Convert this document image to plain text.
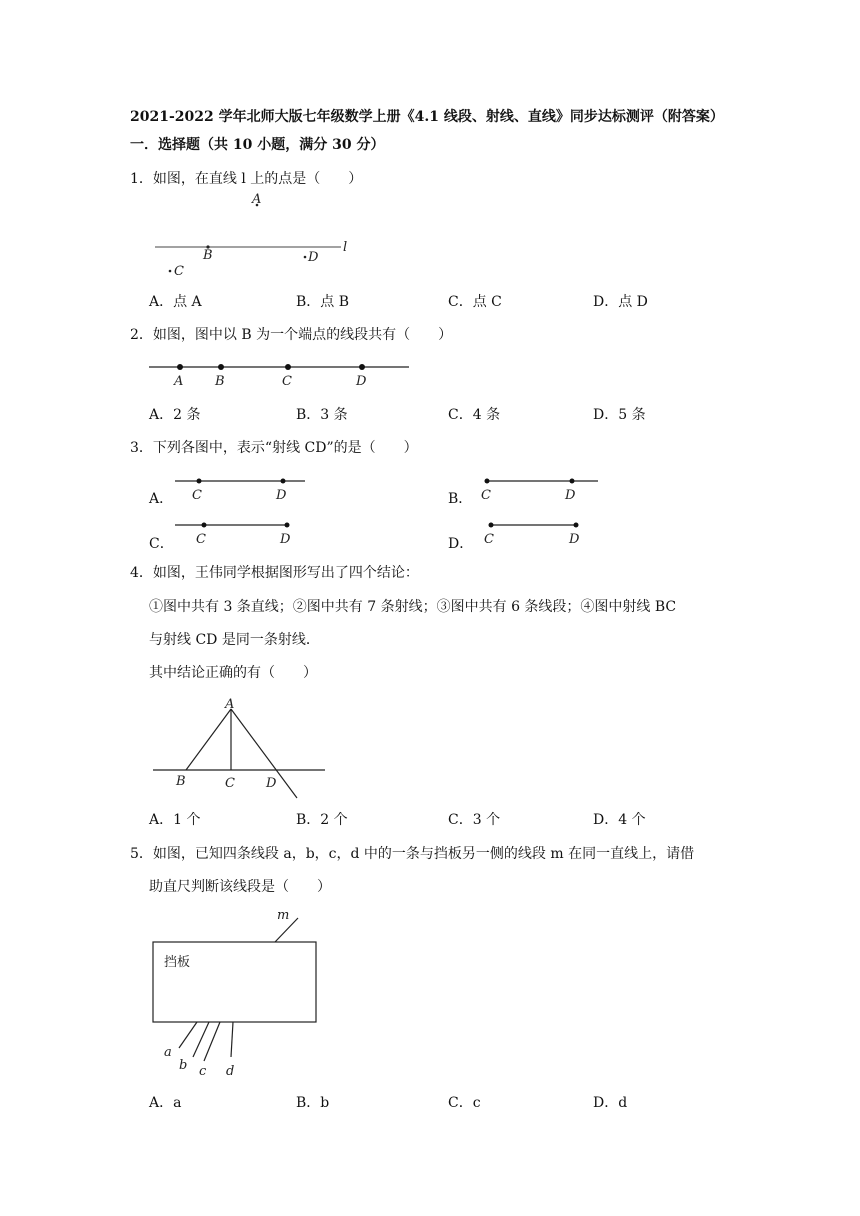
2021-2022 学年北师大版七年级数学上册《4.1 线段、射线、直线》同步达标测评（附答案）
一．选择题（共 10 小题，满分 30 分）
1．如图，在直线 l 上的点是（　　）
A
B	D
l
C
A．点 A	B．点 B	C．点 C	D．点 D
2．如图，图中以 B 为一个端点的线段共有（　　）
A B	C	D
A．2 条	B．3 条	C．4 条	D．5 条
3．下列各图中，表示“射线 CD”的是（　　）
A． C	D	B． C	D
C． C	D	D． C	D
4．如图，王伟同学根据图形写出了四个结论：
①图中共有 3 条直线；②图中共有 7 条射线；③图中共有 6 条线段；④图中射线 BC
与射线 CD 是同一条射线．
其中结论正确的有（　　）
A
B	C D
A．1 个	B．2 个	C．3 个	D．4 个
5．如图，已知四条线段 a，b，c，d 中的一条与挡板另一侧的线段 m 在同一直线上，请借
助直尺判断该线段是（　　）
m
挡板
a
b c d
A．a	B．b	C．c	D．d
